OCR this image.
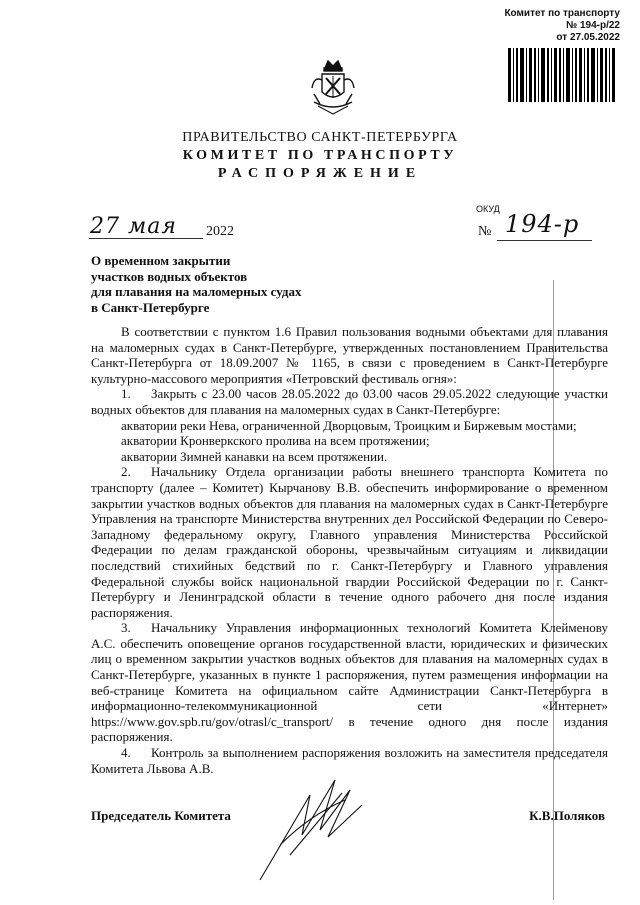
Комитет по транспорту
№ 194-р/22
от 27.05.2022
ПРАВИТЕЛЬСТВО САНКТ-ПЕТЕРБУРГА
КОМИТЕТ ПО ТРАНСПОРТУ
РАСПОРЯЖЕНИЕ
ОКУД
27 мая 2022	№ 194-р
О временном закрытии
участков водных объектов
для плавания на маломерных судах
в Санкт-Петербурге

В соответствии с пунктом 1.6 Правил пользования водными объектами для плавания на маломерных судах в Санкт-Петербурге, утвержденных постановлением Правительства Санкт-Петербурга от 18.09.2007 № 1165, в связи с проведением в Санкт-Петербурге культурно-массового мероприятия «Петровский фестиваль огня»:

1. Закрыть с 23.00 часов 28.05.2022 до 03.00 часов 29.05.2022 следующие участки водных объектов для плавания на маломерных судах в Санкт-Петербурге:

акватории реки Нева, ограниченной Дворцовым, Троицким и Биржевым мостами;

акватории Кронверкского пролива на всем протяжении;

акватории Зимней канавки на всем протяжении.

2. Начальнику Отдела организации работы внешнего транспорта Комитета по транспорту (далее – Комитет) Кырчанову В.В. обеспечить информирование о временном закрытии участков водных объектов для плавания на маломерных судах в Санкт-Петербурге Управления на транспорте Министерства внутренних дел Российской Федерации по Северо-Западному федеральному округу, Главного управления Министерства Российской Федерации по делам гражданской обороны, чрезвычайным ситуациям и ликвидации последствий стихийных бедствий по г. Санкт-Петербургу и Главного управления Федеральной службы войск национальной гвардии Российской Федерации по г. Санкт-Петербургу и Ленинградской области в течение одного рабочего дня после издания распоряжения.

3. Начальнику Управления информационных технологий Комитета Клейменову А.С. обеспечить оповещение органов государственной власти, юридических и физических лиц о временном закрытии участков водных объектов для плавания на маломерных судах в Санкт-Петербурге, указанных в пункте 1 распоряжения, путем размещения информации на веб-странице Комитета на официальном сайте Администрации Санкт-Петербурга в информационно-телекоммуникационной сети «Интернет» https://www.gov.spb.ru/gov/otrasl/c_transport/ в течение одного дня после издания распоряжения.

4. Контроль за выполнением распоряжения возложить на заместителя председателя Комитета Львова А.В.

Председатель Комитета	К.В.Поляков
